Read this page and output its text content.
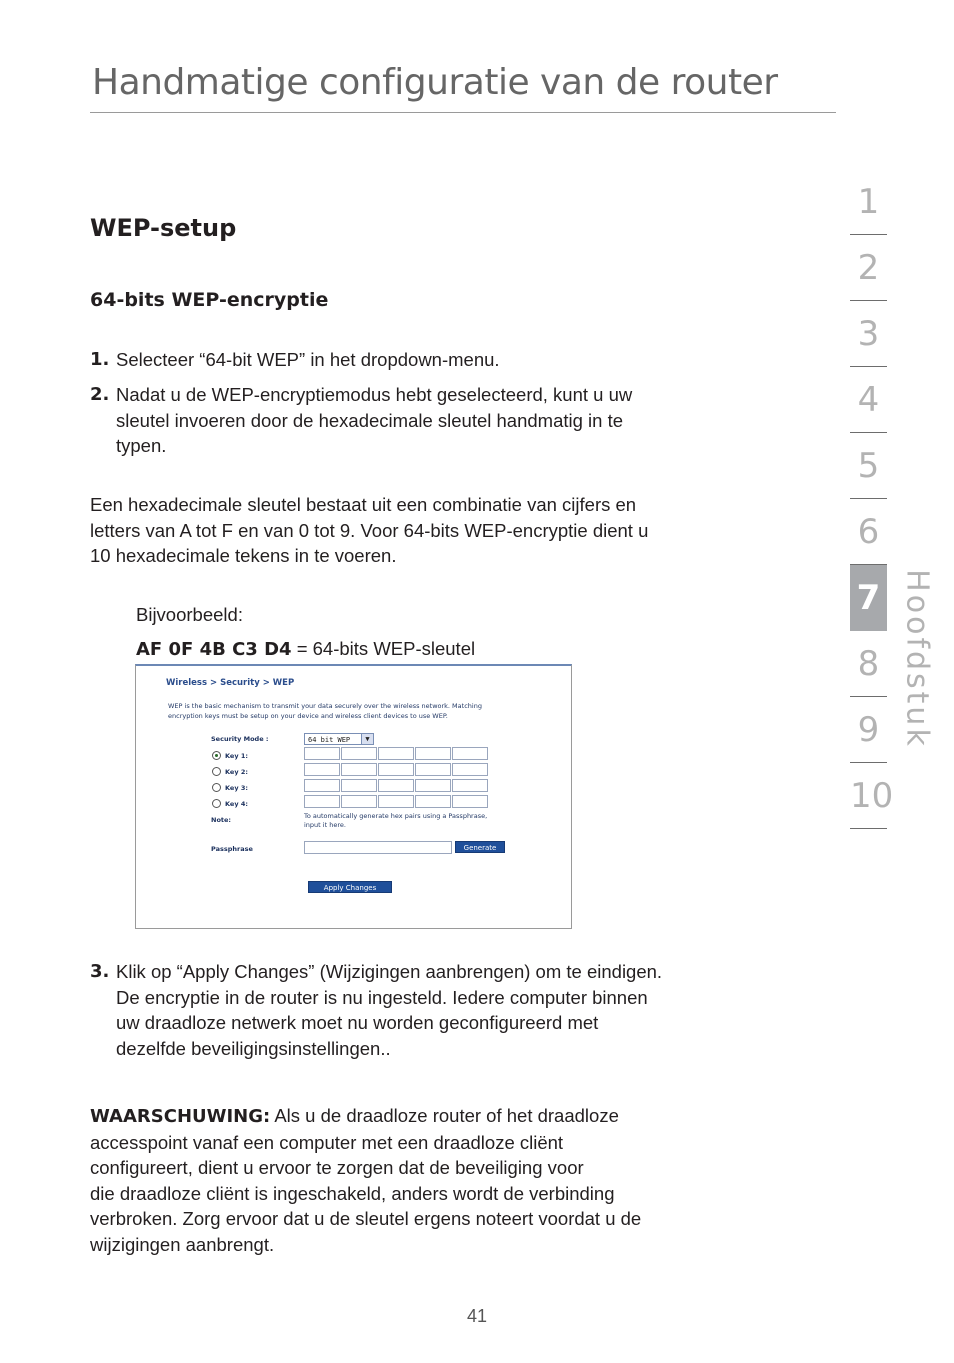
Handmatige configuratie van de router
WEP-setup
64-bits WEP-encryptie
1. Selecteer “64-bit WEP” in het dropdown-menu.
2. Nadat u de WEP-encryptiemodus hebt geselecteerd, kunt u uw
sleutel invoeren door de hexadecimale sleutel handmatig in te
typen.
Een hexadecimale sleutel bestaat uit een combinatie van cijfers en
letters van A tot F en van 0 tot 9. Voor 64-bits WEP-encryptie dient u
10 hexadecimale tekens in te voeren.
Bijvoorbeeld:
AF 0F 4B C3 D4 = 64-bits WEP-sleutel
Wireless > Security > WEP
WEP is the basic mechanism to transmit your data securely over the wireless network. Matching
encryption keys must be setup on your device and wireless client devices to use WEP.
Security Mode :	64 bit WEP	▼
Key 1:
Key 2:
Key 3:
Key 4:
Note:	To automatically generate hex pairs using a Passphrase,
input it here.
Passphrase	Generate
Apply Changes
3. Klik op “Apply Changes” (Wijzigingen aanbrengen) om te eindigen.
De encryptie in de router is nu ingesteld. Iedere computer binnen
uw draadloze netwerk moet nu worden geconfigureerd met
dezelfde beveiligingsinstellingen..
WAARSCHUWING: Als u de draadloze router of het draadloze
accesspoint vanaf een computer met een draadloze cliënt
configureert, dient u ervoor te zorgen dat de beveiliging voor
die draadloze cliënt is ingeschakeld, anders wordt de verbinding
verbroken. Zorg ervoor dat u de sleutel ergens noteert voordat u de
wijzigingen aanbrengt.
1
2
3
4
5
6
7
8
9
10
Hoofdstuk
41
